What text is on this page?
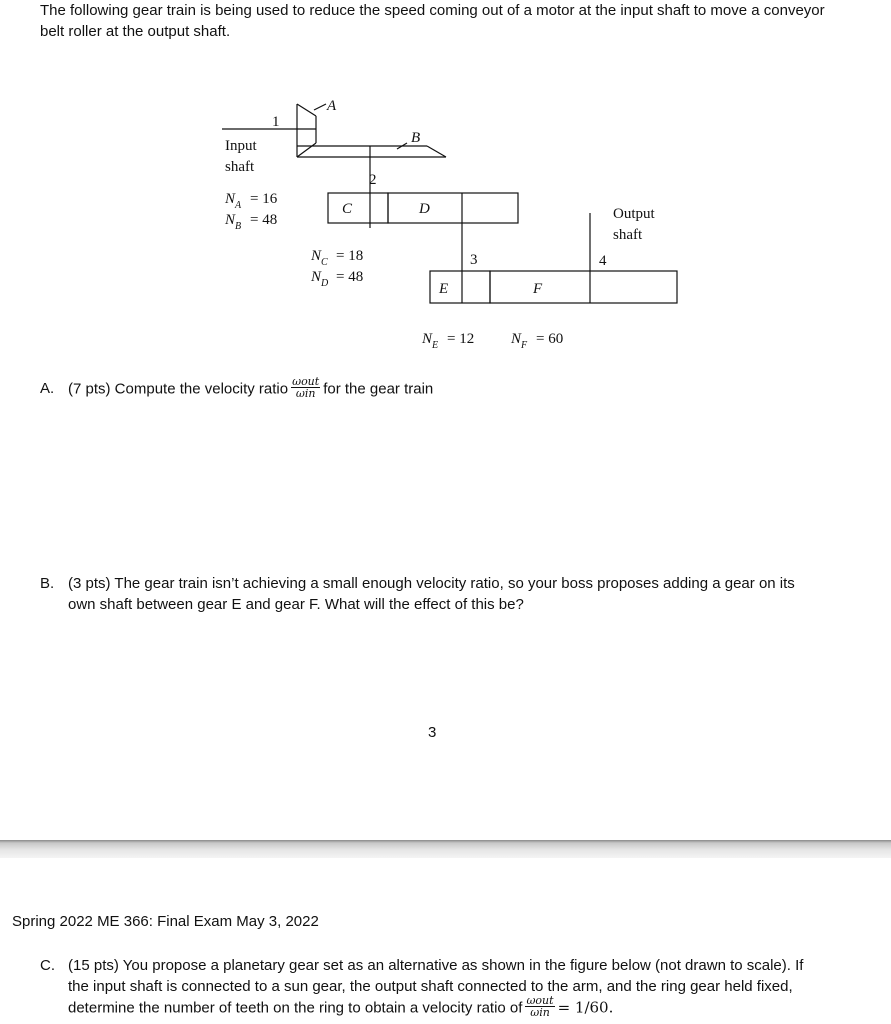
The following gear train is being used to reduce the speed coming out of a motor at the input shaft to move a conveyor belt roller at the output shaft.
1
A
B
Input
shaft
2
C	D	Output
shaft
3	4
E	F
$N_A = 16$
$N_B = 48$
$N_C = 18$
$N_D = 48$
$N_E = 12$ $N_F = 60$
A. (7 pts) Compute the velocity ratio $\frac{\text{ωout}}{\text{ωin}}$ for the gear train
B. (3 pts) The gear train isn’t achieving a small enough velocity ratio, so your boss proposes adding a gear on its
own shaft between gear E and gear F. What will the effect of this be?
3
Spring 2022 ME 366: Final Exam May 3, 2022
C. (15 pts) You propose a planetary gear set as an alternative as shown in the figure below (not drawn to scale). If
the input shaft is connected to a sun gear, the output shaft connected to the arm, and the ring gear held fixed,
determine the number of teeth on the ring to obtain a velocity ratio of $\frac{\text{ωout}}{\text{ωin}} = 1/60$.
